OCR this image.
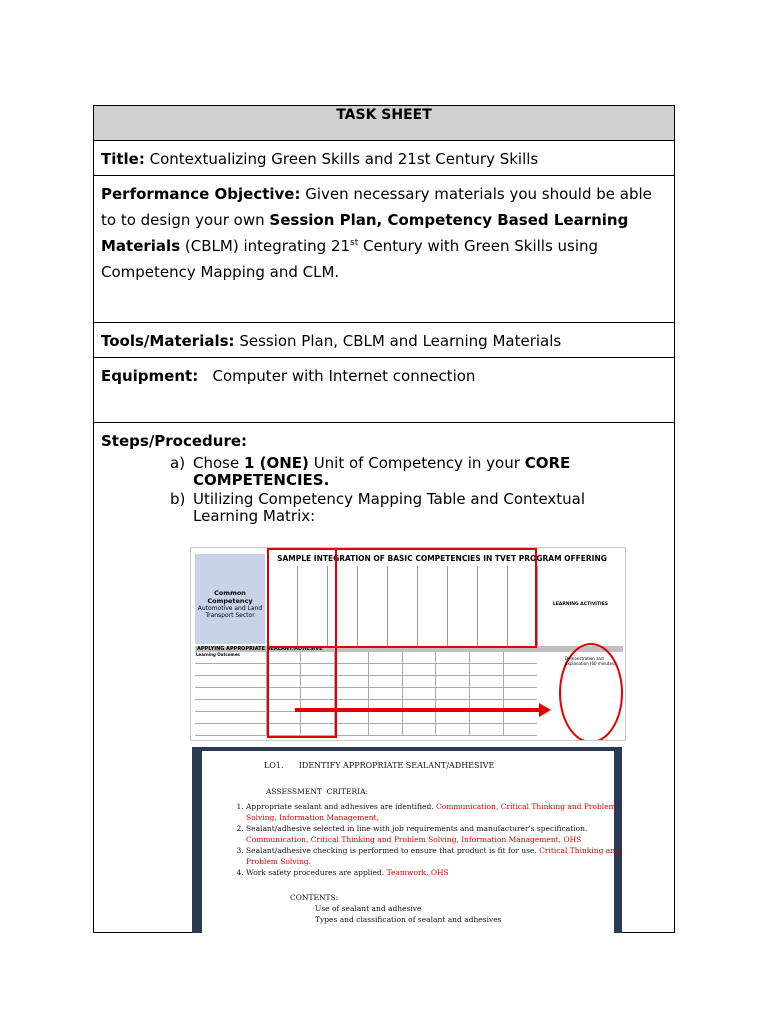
TASK SHEET
Title: Contextualizing Green Skills and 21st Century Skills
Performance Objective: Given necessary materials you should be able to to design your own Session Plan, Competency Based Learning Materials (CBLM) integrating 21st Century with Green Skills using Competency Mapping and CLM.
Tools/Materials: Session Plan, CBLM and Learning Materials
Equipment: Computer with Internet connection
Steps/Procedure:
a) Chose 1 (ONE) Unit of Competency in your CORE COMPETENCIES.
b) Utilizing Competency Mapping Table and Contextual Learning Matrix:
SAMPLE INTEGRATION OF BASIC COMPETENCIES IN TVET PROGRAM OFFERING
Common Competency
Automotive and Land Transport Sector
LEARNING ACTIVITIES
APPLYING APPROPRIATE SEALANT/ADHESIVE
Learning Outcomes
Demonstration and Explanation (60 minutes)
LO1.      IDENTIFY APPROPRIATE SEALANT/ADHESIVE
ASSESSMENT  CRITERIA:
1. Appropriate sealant and adhesives are identified. Communication, Critical Thinking and Problem Solving, Information Management,
2. Sealant/adhesive selected in line with job requirements and manufacturer's specification.
Communication, Critical Thinking and Problem Solving, Information Management, OHS
3. Sealant/adhesive checking is performed to ensure that product is fit for use. Critical Thinking and Problem Solving.
4. Work safety procedures are applied. Teamwork, OHS
CONTENTS:
Use of sealant and adhesive
Types and classification of sealant and adhesives
